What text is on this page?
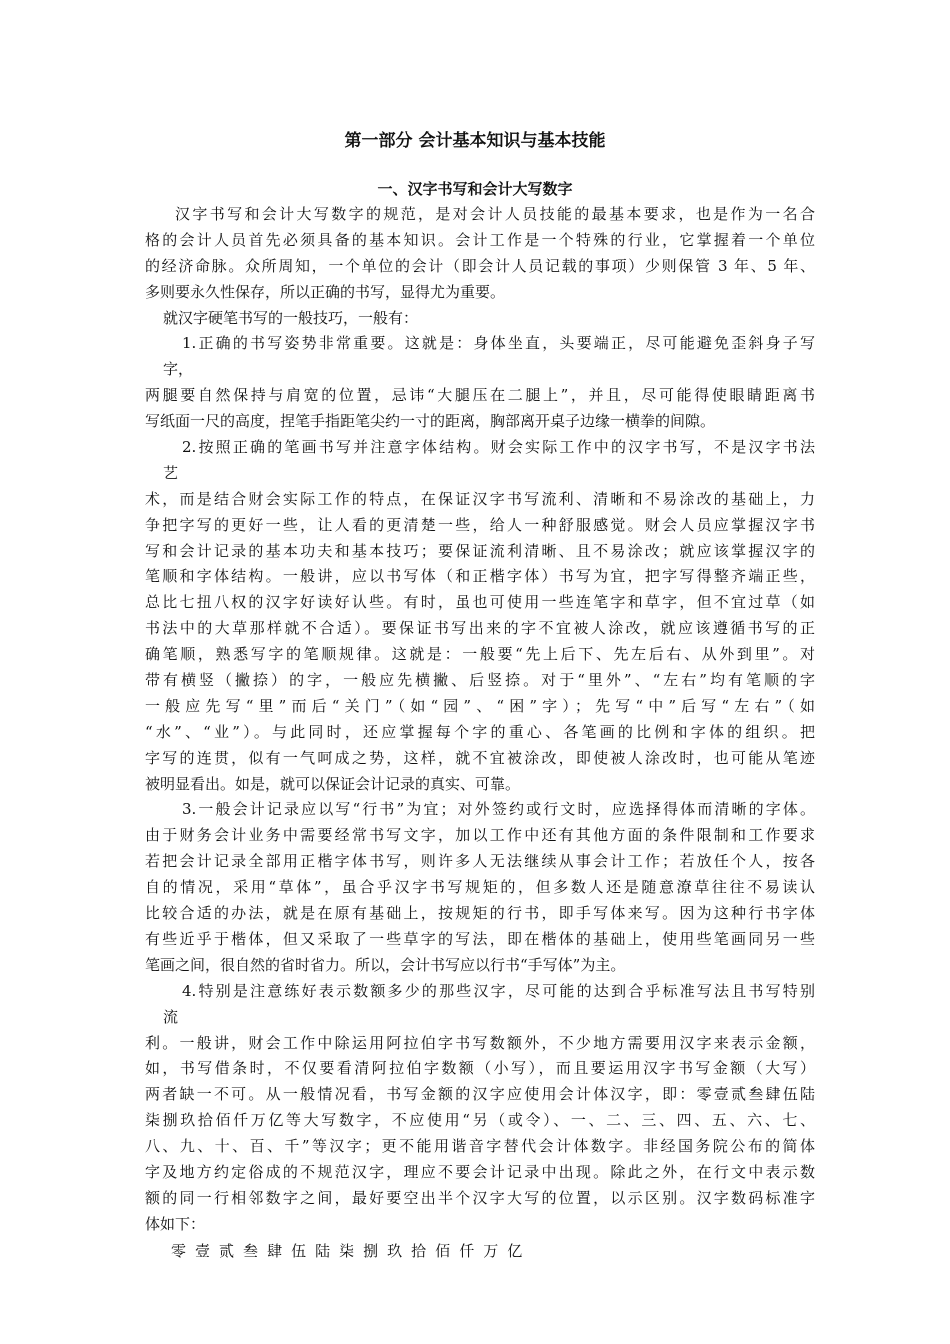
第一部分 会计基本知识与基本技能
一、汉字书写和会计大写数字
汉字书写和会计大写数字的规范，是对会计人员技能的最基本要求，也是作为一名合
格的会计人员首先必须具备的基本知识。会计工作是一个特殊的行业，它掌握着一个单位
的经济命脉。众所周知，一个单位的会计（即会计人员记载的事项）少则保管 3 年、5 年、
多则要永久性保存，所以正确的书写，显得尤为重要。
就汉字硬笔书写的一般技巧，一般有：
1.正确的书写姿势非常重要。这就是：身体坐直，头要端正，尽可能避免歪斜身子写
字，
两腿要自然保持与肩宽的位置，忌讳“大腿压在二腿上”，并且，尽可能得使眼睛距离书
写纸面一尺的高度，捏笔手指距笔尖约一寸的距离，胸部离开桌子边缘一横拳的间隙。
2.按照正确的笔画书写并注意字体结构。财会实际工作中的汉字书写，不是汉字书法
艺
术，而是结合财会实际工作的特点，在保证汉字书写流利、清晰和不易涂改的基础上，力
争把字写的更好一些，让人看的更清楚一些，给人一种舒服感觉。财会人员应掌握汉字书
写和会计记录的基本功夫和基本技巧；要保证流利清晰、且不易涂改；就应该掌握汉字的
笔顺和字体结构。一般讲，应以书写体（和正楷字体）书写为宜，把字写得整齐端正些，
总比七扭八权的汉字好读好认些。有时，虽也可使用一些连笔字和草字，但不宜过草（如
书法中的大草那样就不合适）。要保证书写出来的字不宜被人涂改，就应该遵循书写的正
确笔顺，熟悉写字的笔顺规律。这就是：一般要“先上后下、先左后右、从外到里”。对
带有横竖（撇捺）的字，一般应先横撇、后竖捺。对于“里外”、“左右”均有笔顺的字
一般应先写“里”而后“关门”（如“园”、“困”字）；先写“中”后写“左右”（如
“水”、“业”）。与此同时，还应掌握每个字的重心、各笔画的比例和字体的组织。把
字写的连贯，似有一气呵成之势，这样，就不宜被涂改，即使被人涂改时，也可能从笔迹
被明显看出。如是，就可以保证会计记录的真实、可靠。
3.一般会计记录应以写“行书”为宜；对外签约或行文时，应选择得体而清晰的字体。
由于财务会计业务中需要经常书写文字，加以工作中还有其他方面的条件限制和工作要求
若把会计记录全部用正楷字体书写，则许多人无法继续从事会计工作；若放任个人，按各
自的情况，采用“草体”，虽合乎汉字书写规矩的，但多数人还是随意潦草往往不易读认
比较合适的办法，就是在原有基础上，按规矩的行书，即手写体来写。因为这种行书字体
有些近乎于楷体，但又采取了一些草字的写法，即在楷体的基础上，使用些笔画同另一些
笔画之间，很自然的省时省力。所以，会计书写应以行书“手写体”为主。
4.特别是注意练好表示数额多少的那些汉字，尽可能的达到合乎标准写法且书写特别
流
利。一般讲，财会工作中除运用阿拉伯字书写数额外，不少地方需要用汉字来表示金额，
如，书写借条时，不仅要看清阿拉伯字数额（小写），而且要运用汉字书写金额（大写）
两者缺一不可。从一般情况看，书写金额的汉字应使用会计体汉字，即：零壹贰叁肆伍陆
柒捌玖拾佰仟万亿等大写数字，不应使用“另（或令）、一、二、三、四、五、六、七、
八、九、十、百、千”等汉字；更不能用谐音字替代会计体数字。非经国务院公布的简体
字及地方约定俗成的不规范汉字，理应不要会计记录中出现。除此之外，在行文中表示数
额的同一行相邻数字之间，最好要空出半个汉字大写的位置，以示区别。汉字数码标准字
体如下：
零 壹 贰 叁 肆 伍 陆 柒 捌 玖 拾 佰 仟 万 亿
